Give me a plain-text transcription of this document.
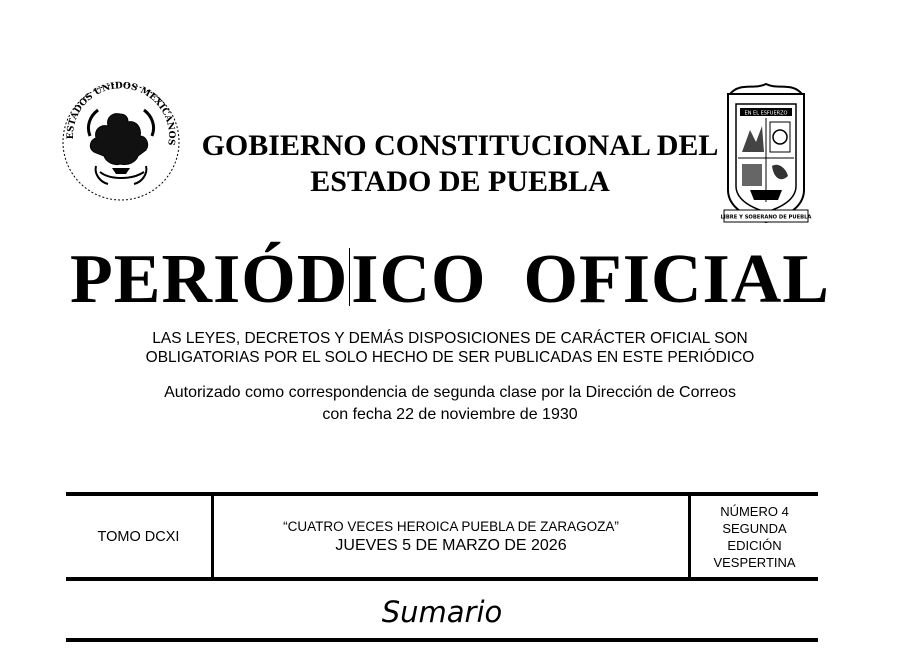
ESTADOS UNIDOS MEXICANOS
EN EL ESFUERZO
LIBRE Y SOBERANO DE PUEBLA
GOBIERNO CONSTITUCIONAL DEL
ESTADO DE PUEBLA
PERIÓDICO  OFICIAL
LAS LEYES, DECRETOS Y DEMÁS DISPOSICIONES DE CARÁCTER OFICIAL SON
OBLIGATORIAS POR EL SOLO HECHO DE SER PUBLICADAS EN ESTE PERIÓDICO
Autorizado como correspondencia de segunda clase por la Dirección de Correos
con fecha 22 de noviembre de 1930
TOMO DCXI
“CUATRO VECES HEROICA PUEBLA DE ZARAGOZA”
JUEVES 5 DE MARZO DE 2026
NÚMERO 4
SEGUNDA
EDICIÓN
VESPERTINA
Sumario
